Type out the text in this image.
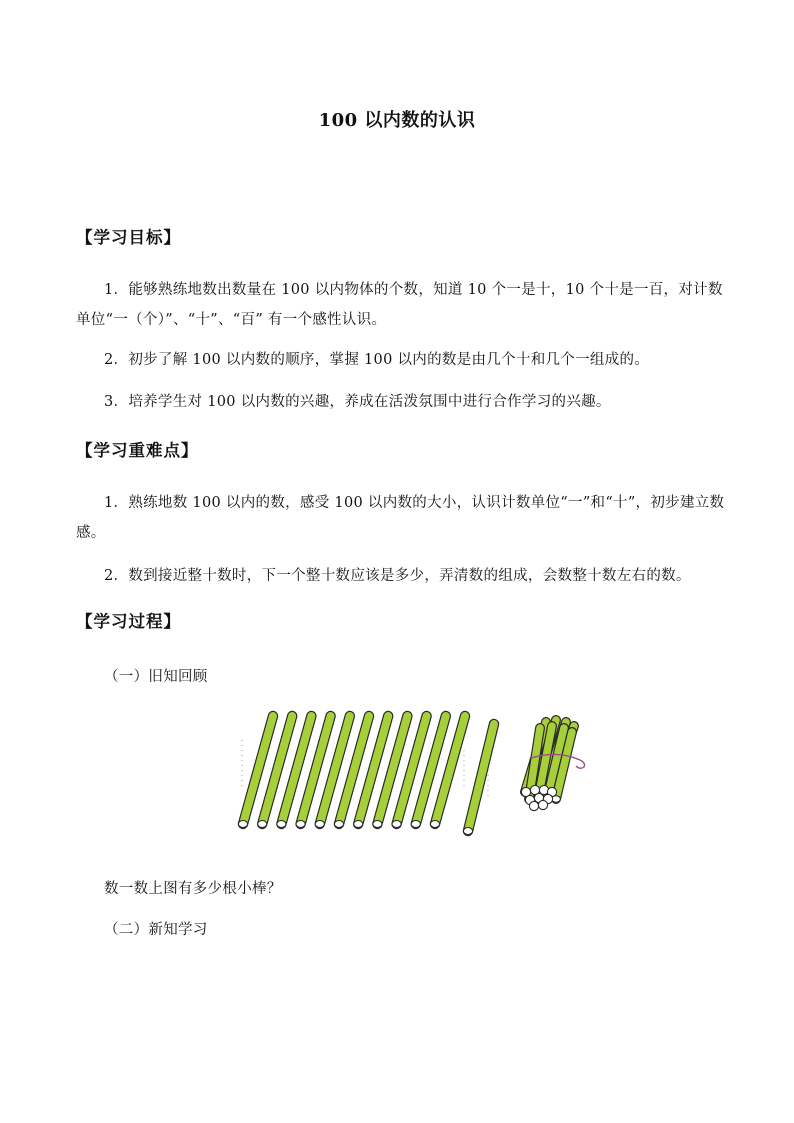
100 以内数的认识
【学习目标】
1．能够熟练地数出数量在 100 以内物体的个数，知道 10 个一是十，10 个十是一百，对计数单位“一（个）”、“十”、“百” 有一个感性认识。
2．初步了解 100 以内数的顺序，掌握 100 以内的数是由几个十和几个一组成的。
3．培养学生对 100 以内数的兴趣，养成在活泼氛围中进行合作学习的兴趣。
【学习重难点】
1．熟练地数 100 以内的数，感受 100 以内数的大小，认识计数单位“一”和“十”，初步建立数感。
2．数到接近整十数时，下一个整十数应该是多少，弄清数的组成，会数整十数左右的数。
【学习过程】
（一）旧知回顾
数一数上图有多少根小棒？
（二）新知学习
